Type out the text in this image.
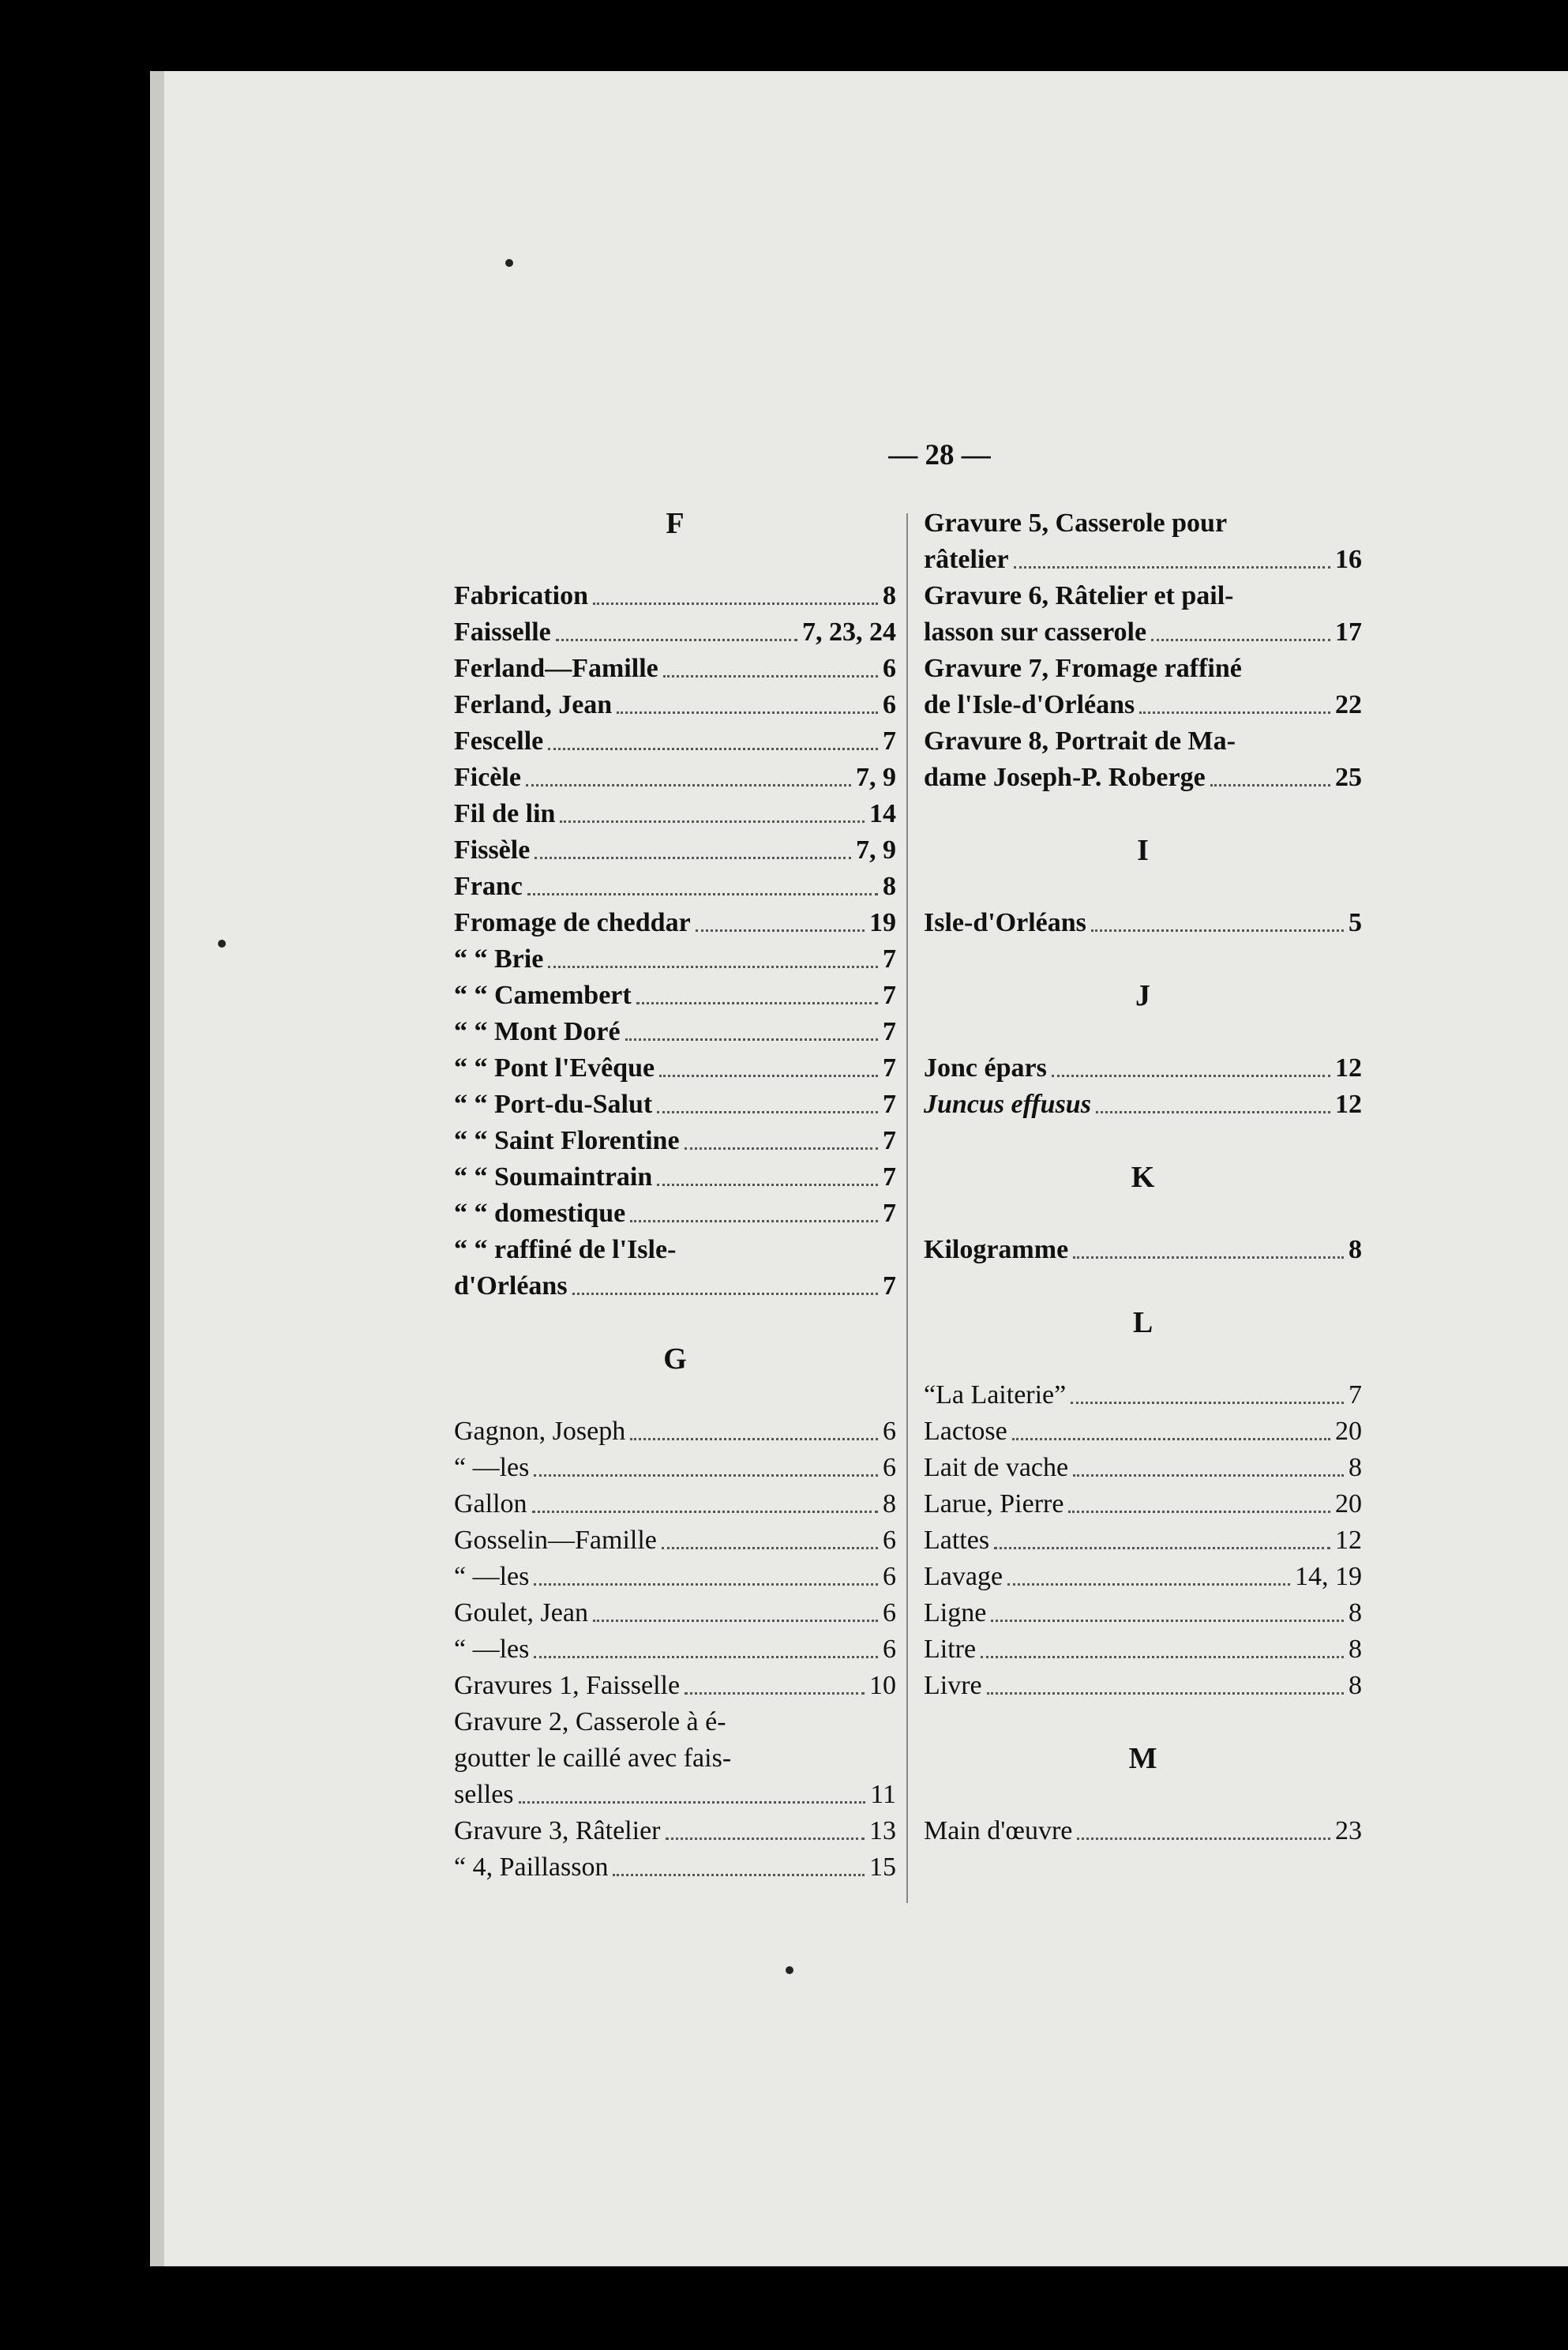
— 28 —
F
Fabrication	8
Faisselle	7, 23, 24
Ferland—Famille	6
Ferland, Jean	6
Fescelle	7
Ficèle	7, 9
Fil de lin	14
Fissèle	7, 9
Franc	8
Fromage de cheddar	19
“ “ Brie	7
“ “ Camembert	7
“ “ Mont Doré	7
“ “ Pont l'Evêque	7
“ “ Port-du-Salut	7
“ “ Saint Florentine	7
“ “ Soumaintrain	7
“ “ domestique	7
“ “ raffiné de l'Isle-
d'Orléans	7
G
Gagnon, Joseph	6
“ —les	6
Gallon	8
Gosselin—Famille	6
“ —les	6
Goulet, Jean	6
“ —les	6
Gravures 1, Faisselle	10
Gravure 2, Casserole à é-
goutter le caillé avec fais-
selles	11
Gravure 3, Râtelier	13
“ 4, Paillasson	15
Gravure 5, Casserole pour
râtelier	16
Gravure 6, Râtelier et pail-
lasson sur casserole	17
Gravure 7, Fromage raffiné
de l'Isle-d'Orléans	22
Gravure 8, Portrait de Ma-
dame Joseph-P. Roberge	25
I
Isle-d'Orléans	5
J
Jonc épars	12
Juncus effusus	12
K
Kilogramme	8
L
“La Laiterie”	7
Lactose	20
Lait de vache	8
Larue, Pierre	20
Lattes	12
Lavage	14, 19
Ligne	8
Litre	8
Livre	8
M
Main d'œuvre	23
